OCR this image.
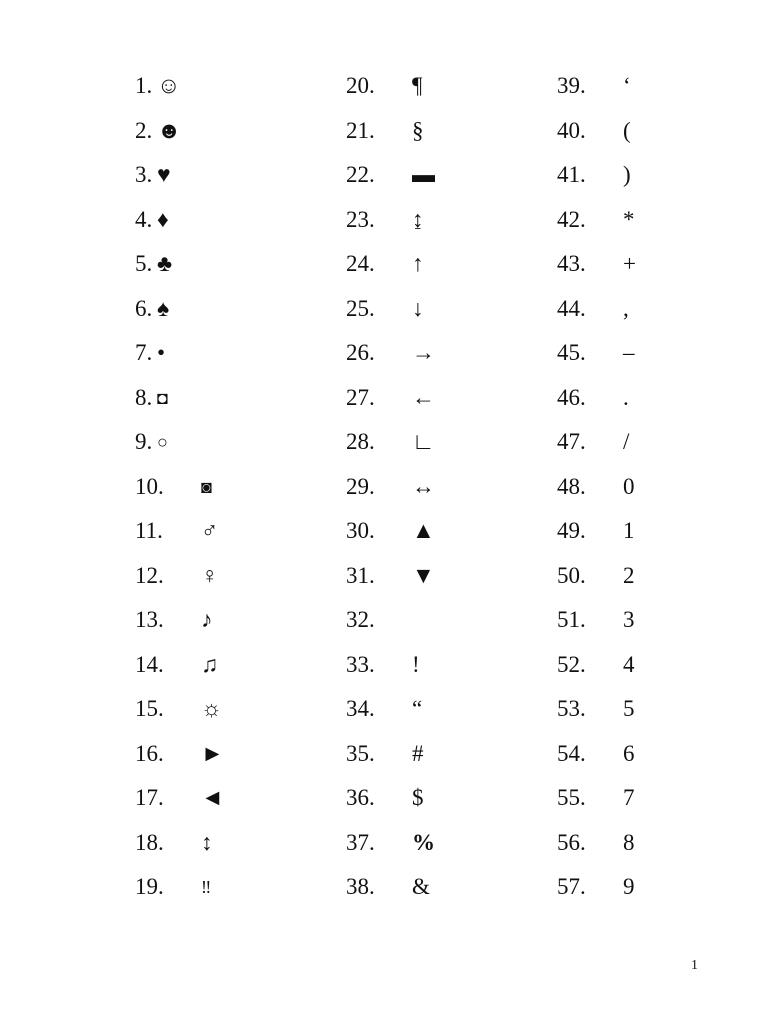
1. ☺
2. ☻
3. ♥
4. ♦
5. ♣
6. ♠
7. •
8. ◘
9. ○
10. ◙
11. ♂
12. ♀
13. ♪
14. ♫
15. ☼
16. ►
17. ◄
18. ↕
19. ‼
20. ¶
21. §
22. ▬
23. ↨
24. ↑
25. ↓
26. →
27. ←
28. ∟
29. ↔
30. ▲
31. ▼
32.
33. !
34. “
35. #
36. $
37. %
38. &
39. ‘
40. (
41. )
42. *
43. +
44. ,
45. –
46. .
47. /
48. 0
49. 1
50. 2
51. 3
52. 4
53. 5
54. 6
55. 7
56. 8
57. 9
1
